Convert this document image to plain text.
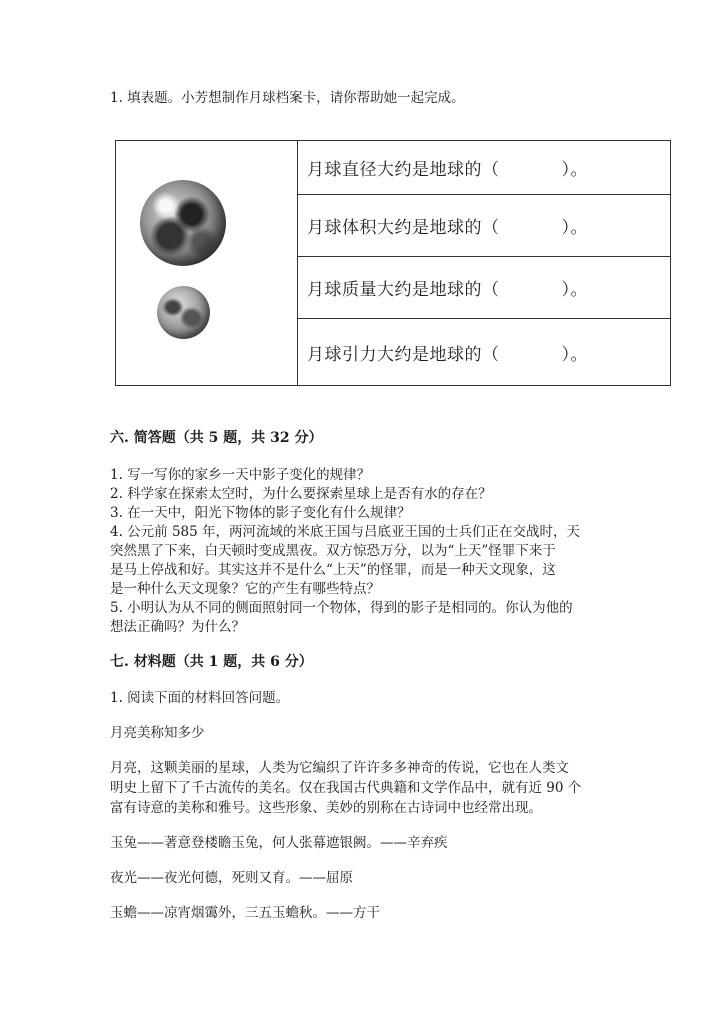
1. 填表题。小芳想制作月球档案卡，请你帮助她一起完成。
月球直径大约是地球的（	）。
月球体积大约是地球的（	）。
月球质量大约是地球的（	）。
月球引力大约是地球的（	）。
六. 简答题（共 5 题，共 32 分）
1. 写一写你的家乡一天中影子变化的规律？
2. 科学家在探索太空时，为什么要探索星球上是否有水的存在？
3. 在一天中，阳光下物体的影子变化有什么规律？
4. 公元前 585 年，两河流域的米底王国与吕底亚王国的士兵们正在交战时，天
突然黑了下来，白天顿时变成黑夜。双方惊恐万分，以为“上天”怪罪下来于
是马上停战和好。其实这并不是什么“上天”的怪罪，而是一种天文现象，这
是一种什么天文现象？它的产生有哪些特点？
5. 小明认为从不同的侧面照射同一个物体，得到的影子是相同的。你认为他的
想法正确吗？为什么？
七. 材料题（共 1 题，共 6 分）
1. 阅读下面的材料回答问题。
月亮美称知多少
月亮，这颗美丽的星球，人类为它编织了许许多多神奇的传说，它也在人类文
明史上留下了千古流传的美名。仅在我国古代典籍和文学作品中，就有近 90 个
富有诗意的美称和雅号。这些形象、美妙的别称在古诗词中也经常出现。
玉兔——著意登楼瞻玉兔，何人张幕遮银阙。——辛弃疾
夜光——夜光何德，死则又育。——屈原
玉蟾——凉宵烟霭外，三五玉蟾秋。——方干
